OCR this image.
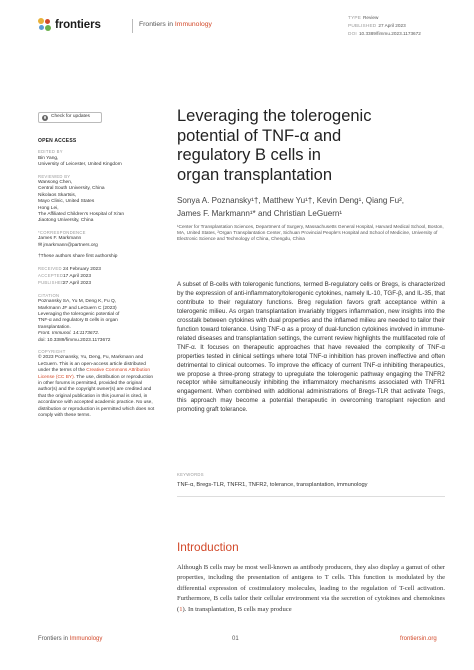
frontiers	Frontiers in Immunology
TYPE Review
PUBLISHED 27 April 2023
DOI 10.3389/fimmu.2023.1173672
Check for updates
OPEN ACCESS
EDITED BY
Bin Yang,
University of Leicester, United Kingdom
REVIEWED BY
Wansong Chen,
Central South University, China
Nikolaos Skartsis,
Mayo Clinic, United States
Hong Lei,
The Affiliated Children's Hospital of Xi'an
Jiaotong University, China
*CORRESPONDENCE
James F. Markmann
✉ jmarkmann@partners.org
†These authors share first authorship
RECEIVED24 February 2023
ACCEPTED17 April 2023
PUBLISHED27 April 2023
CITATION
Poznansky SA, Yu M, Deng K, Fu Q,
Markmann JF and LeGuern C (2023)
Leveraging the tolerogenic potential of
TNF-α and regulatory B cells in organ
transplantation.
Front. Immunol. 14:1173672.
doi: 10.3389/fimmu.2023.1173672
COPYRIGHT
© 2023 Poznansky, Yu, Deng, Fu, Markmann and LeGuern. This is an open-access article distributed under the terms of the Creative Commons Attribution License (CC BY). The use, distribution or reproduction in other forums is permitted, provided the original author(s) and the copyright owner(s) are credited and that the original publication in this journal is cited, in accordance with accepted academic practice. No use, distribution or reproduction is permitted which does not comply with these terms.
Leveraging the tolerogenic
potential of TNF-α and
regulatory B cells in
organ transplantation
Sonya A. Poznansky¹†, Matthew Yu¹†, Kevin Deng¹, Qiang Fu²,
James F. Markmann¹* and Christian LeGuern¹
¹Center for Transplantation Sciences, Department of Surgery, Massachusetts General Hospital, Harvard Medical School, Boston, MA, United States, ²Organ Transplantation Center, Sichuan Provincial People's Hospital and School of Medicine, University of Electronic Science and Technology of China, Chengdu, China
A subset of B-cells with tolerogenic functions, termed B-regulatory cells or Bregs, is characterized by the expression of anti-inflammatory/tolerogenic cytokines, namely IL-10, TGF-β, and IL-35, that contribute to their regulatory functions. Breg regulation favors graft acceptance within a tolerogenic milieu. As organ transplantation invariably triggers inflammation, new insights into the crosstalk between cytokines with dual properties and the inflamed milieu are needed to tailor their function toward tolerance. Using TNF-α as a proxy of dual-function cytokines involved in immune-related diseases and transplantation settings, the current review highlights the multifaceted role of TNF-α. It focuses on therapeutic approaches that have revealed the complexity of TNF-α properties tested in clinical settings where total TNF-α inhibition has proven ineffective and often detrimental to clinical outcomes. To improve the efficacy of current TNF-α inhibiting therapeutics, we propose a three-prong strategy to upregulate the tolerogenic pathway engaging the TNFR2 receptor while simultaneously inhibiting the inflammatory mechanisms associated with TNFR1 engagement. When combined with additional administrations of Bregs-TLR that activate Tregs, this approach may become a potential therapeutic in overcoming transplant rejection and promoting graft tolerance.
KEYWORDS
TNF-α, Bregs-TLR, TNFR1, TNFR2, tolerance, transplantation, immunology
Introduction
Although B cells may be most well-known as antibody producers, they also display a gamut of other properties, including the presentation of antigens to T cells. This function is modulated by the differential expression of costimulatory molecules, leading to the regulation of T-cell activation. Furthermore, B cells tailor their cellular environment via the secretion of cytokines and chemokines (1). In transplantation, B cells may produce
Frontiers in Immunology	01	frontiersin.org
